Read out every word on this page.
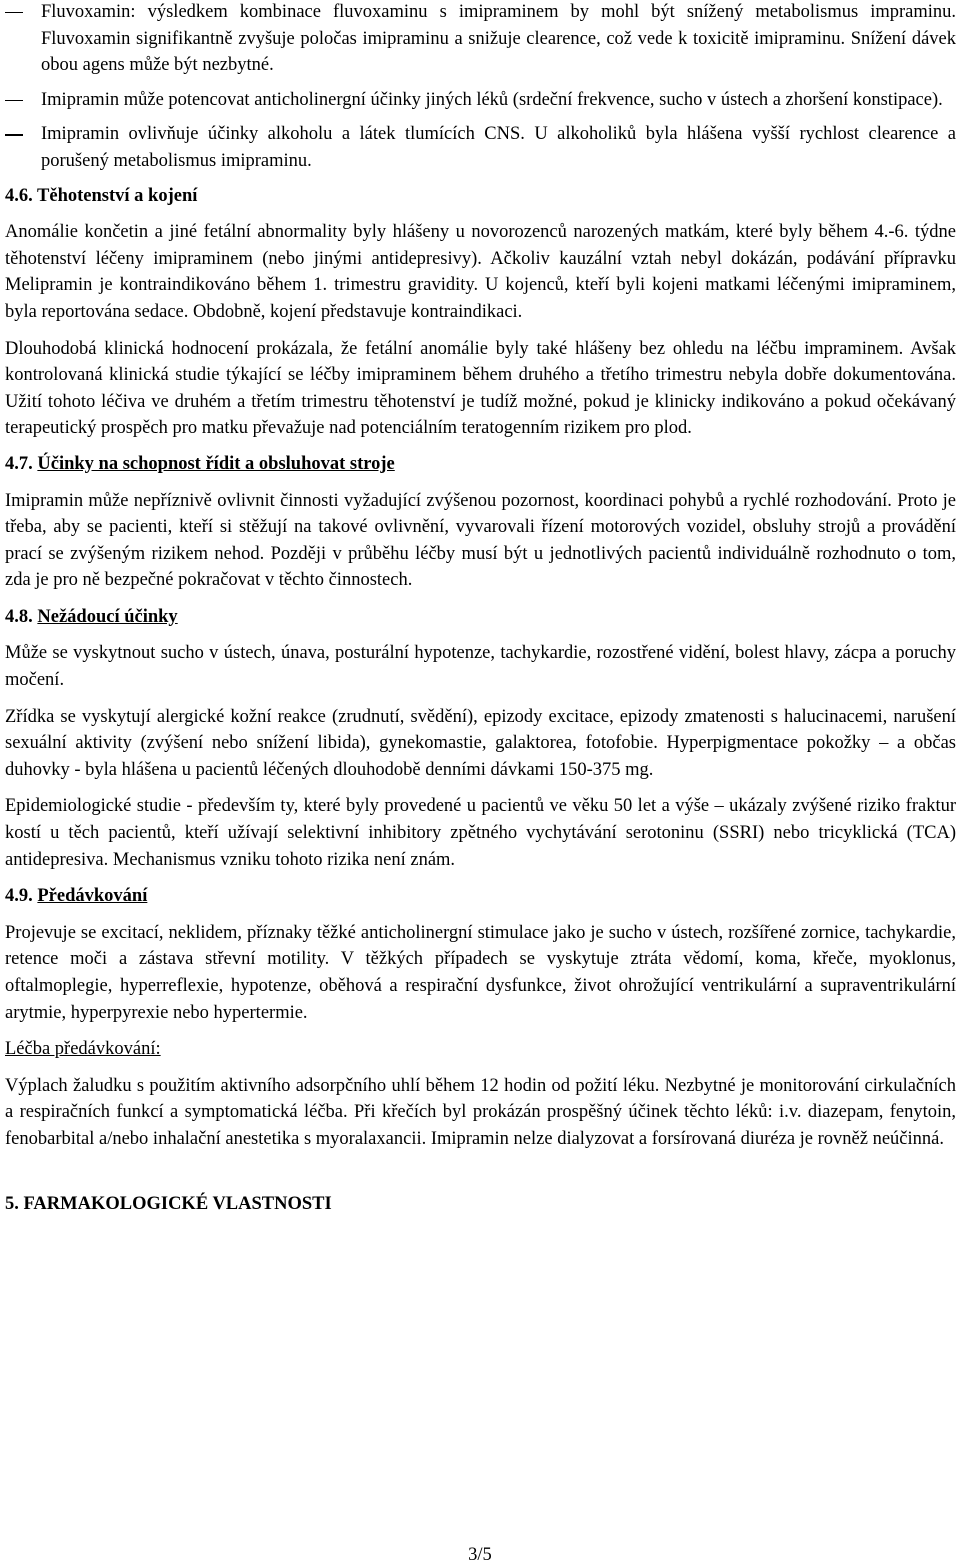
Fluvoxamin: výsledkem kombinace fluvoxaminu s imipraminem by mohl být snížený metabolismus impraminu. Fluvoxamin signifikantně zvyšuje poločas imipraminu a snižuje clearence, což vede k toxicitě imipraminu. Snížení dávek obou agens může být nezbytné.
Imipramin může potencovat anticholinergní účinky jiných léků (srdeční frekvence, sucho v ústech a zhoršení konstipace).
Imipramin ovlivňuje účinky alkoholu a látek tlumících CNS. U alkoholiků byla hlášena vyšší rychlost clearence a porušený metabolismus imipraminu.
4.6. Těhotenství a kojení

Anomálie končetin a jiné fetální abnormality byly hlášeny u novorozenců narozených matkám, které byly během 4.-6. týdne těhotenství léčeny imipraminem (nebo jinými antidepresivy). Ačkoliv kauzální vztah nebyl dokázán, podávání přípravku Melipramin je kontraindikováno během 1. trimestru gravidity. U kojenců, kteří byli kojeni matkami léčenými imipraminem, byla reportována sedace. Obdobně, kojení představuje kontraindikaci.

Dlouhodobá klinická hodnocení prokázala, že fetální anomálie byly také hlášeny bez ohledu na léčbu impraminem. Avšak kontrolovaná klinická studie týkající se léčby imipraminem během druhého a třetího trimestru nebyla dobře dokumentována. Užití tohoto léčiva ve druhém a třetím trimestru těhotenství je tudíž možné, pokud je klinicky indikováno a pokud očekávaný terapeutický prospěch pro matku převažuje nad potenciálním teratogenním rizikem pro plod.

4.7. Účinky na schopnost řídit a obsluhovat stroje

Imipramin může nepříznivě ovlivnit činnosti vyžadující zvýšenou pozornost, koordinaci pohybů a rychlé rozhodování. Proto je třeba, aby se pacienti, kteří si stěžují na takové ovlivnění, vyvarovali řízení motorových vozidel, obsluhy strojů a provádění prací se zvýšeným rizikem nehod. Později v průběhu léčby musí být u jednotlivých pacientů individuálně rozhodnuto o tom, zda je pro ně bezpečné pokračovat v těchto činnostech.

4.8. Nežádoucí účinky

Může se vyskytnout sucho v ústech, únava, posturální hypotenze, tachykardie, rozostřené vidění, bolest hlavy, zácpa a poruchy močení.

Zřídka se vyskytují alergické kožní reakce (zrudnutí, svědění), epizody excitace, epizody zmatenosti s halucinacemi, narušení sexuální aktivity (zvýšení nebo snížení libida), gynekomastie, galaktorea, fotofobie. Hyperpigmentace pokožky – a občas duhovky - byla hlášena u pacientů léčených dlouhodobě denními dávkami 150-375 mg.

Epidemiologické studie - především ty, které byly provedené u pacientů ve věku 50 let a výše – ukázaly zvýšené riziko fraktur kostí u těch pacientů, kteří užívají selektivní inhibitory zpětného vychytávání serotoninu (SSRI) nebo tricyklická (TCA) antidepresiva. Mechanismus vzniku tohoto rizika není znám.

4.9. Předávkování

Projevuje se excitací, neklidem, příznaky těžké anticholinergní stimulace jako je sucho v ústech, rozšířené zornice, tachykardie, retence moči a zástava střevní motility. V těžkých případech se vyskytuje ztráta vědomí, koma, křeče, myoklonus, oftalmoplegie, hyperreflexie, hypotenze, oběhová a respirační dysfunkce, život ohrožující ventrikulární a supraventrikulární arytmie, hyperpyrexie nebo hypertermie.

Léčba předávkování:

Výplach žaludku s použitím aktivního adsorpčního uhlí během 12 hodin od požití léku. Nezbytné je monitorování cirkulačních a respiračních funkcí a symptomatická léčba. Při křečích byl prokázán prospěšný účinek těchto léků: i.v. diazepam, fenytoin, fenobarbital a/nebo inhalační anestetika s myoralaxancii. Imipramin nelze dialyzovat a forsírovaná diuréza je rovněž neúčinná.

5. FARMAKOLOGICKÉ VLASTNOSTI
3/5
